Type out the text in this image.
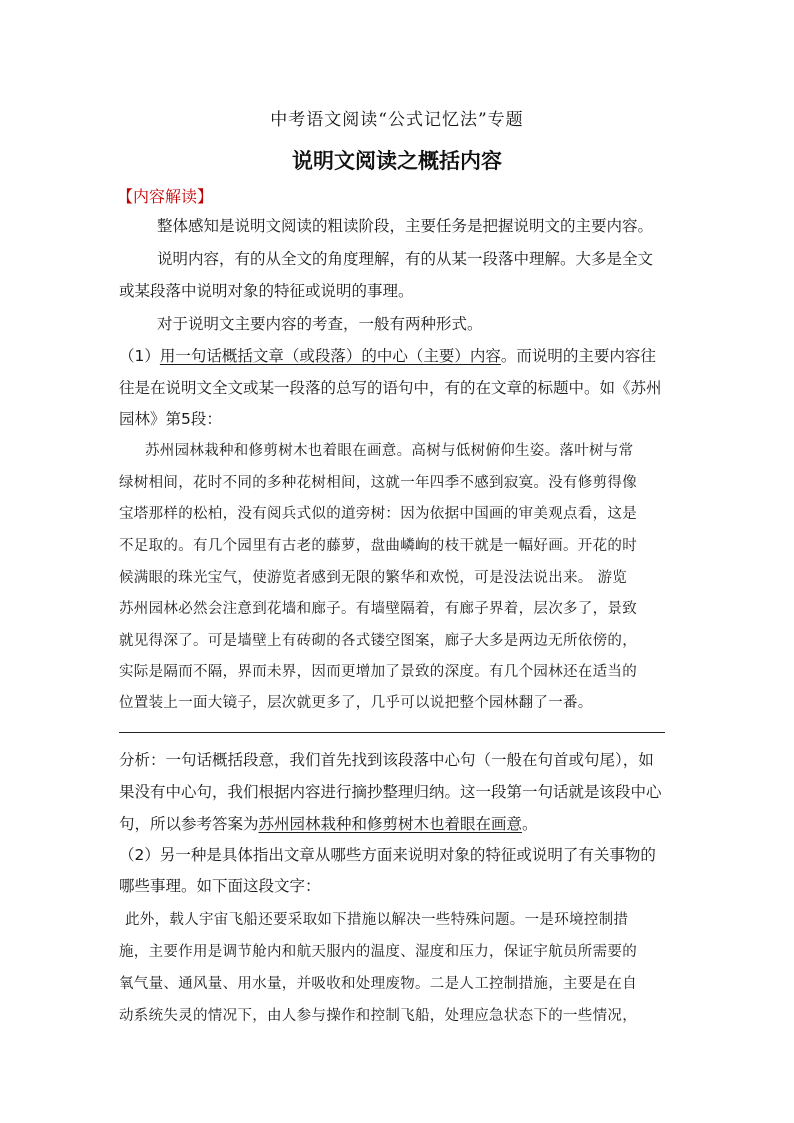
中考语文阅读“公式记忆法”专题
说明文阅读之概括内容
【内容解读】
整体感知是说明文阅读的粗读阶段，主要任务是把握说明文的主要内容。
说明内容，有的从全文的角度理解，有的从某一段落中理解。大多是全文
或某段落中说明对象的特征或说明的事理。
对于说明文主要内容的考查，一般有两种形式。
（1）用一句话概括文章（或段落）的中心（主要）内容。而说明的主要内容往
往是在说明文全文或某一段落的总写的语句中，有的在文章的标题中。如《苏州
园林》第5段：
苏州园林栽种和修剪树木也着眼在画意。高树与低树俯仰生姿。落叶树与常
绿树相间，花时不同的多种花树相间，这就一年四季不感到寂寞。没有修剪得像
宝塔那样的松柏，没有阅兵式似的道旁树：因为依据中国画的审美观点看，这是
不足取的。有几个园里有古老的藤萝，盘曲嶙峋的枝干就是一幅好画。开花的时
候满眼的珠光宝气，使游览者感到无限的繁华和欢悦，可是没法说出来。 游览
苏州园林必然会注意到花墙和廊子。有墙壁隔着，有廊子界着，层次多了，景致
就见得深了。可是墙壁上有砖砌的各式镂空图案，廊子大多是两边无所依傍的，
实际是隔而不隔，界而未界，因而更增加了景致的深度。有几个园林还在适当的
位置装上一面大镜子，层次就更多了，几乎可以说把整个园林翻了一番。
分析：一句话概括段意，我们首先找到该段落中心句（一般在句首或句尾），如
果没有中心句，我们根据内容进行摘抄整理归纳。这一段第一句话就是该段中心
句，所以参考答案为苏州园林栽种和修剪树木也着眼在画意。
（2）另一种是具体指出文章从哪些方面来说明对象的特征或说明了有关事物的
哪些事理。如下面这段文字：
此外，载人宇宙飞船还要采取如下措施以解决一些特殊问题。一是环境控制措
施，主要作用是调节舱内和航天服内的温度、湿度和压力，保证宇航员所需要的
氧气量、通风量、用水量，并吸收和处理废物。二是人工控制措施，主要是在自
动系统失灵的情况下，由人参与操作和控制飞船，处理应急状态下的一些情况，
